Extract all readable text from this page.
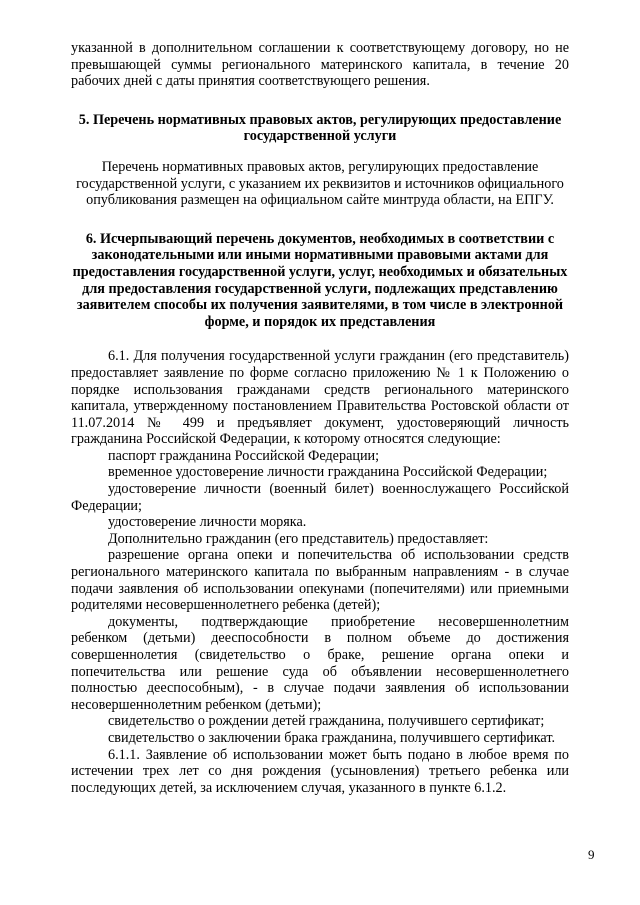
указанной в дополнительном соглашении к соответствующему договору, но не превышающей суммы регионального материнского капитала, в течение 20 рабочих дней с даты принятия соответствующего решения.

5. Перечень нормативных правовых актов, регулирующих предоставление государственной услуги

Перечень нормативных правовых актов, регулирующих предоставление государственной услуги, с указанием их реквизитов и источников официального опубликования размещен на официальном сайте минтруда области, на ЕПГУ.

6. Исчерпывающий перечень документов, необходимых в соответствии с законодательными или иными нормативными правовыми актами для предоставления государственной услуги, услуг, необходимых и обязательных для предоставления государственной услуги, подлежащих представлению заявителем способы их получения заявителями, в том числе в электронной форме, и порядок их представления

6.1. Для получения государственной услуги гражданин (его представитель) предоставляет заявление по форме согласно приложению № 1 к Положению о порядке использования гражданами средств регионального материнского капитала, утвержденному постановлением Правительства Ростовской области от 11.07.2014 № 499 и предъявляет документ, удостоверяющий личность гражданина Российской Федерации, к которому относятся следующие:

паспорт гражданина Российской Федерации;

временное удостоверение личности гражданина Российской Федерации;

удостоверение личности (военный билет) военнослужащего Российской Федерации;

удостоверение личности моряка.

Дополнительно гражданин (его представитель) предоставляет:

разрешение органа опеки и попечительства об использовании средств регионального материнского капитала по выбранным направлениям - в случае подачи заявления об использовании опекунами (попечителями) или приемными родителями несовершеннолетнего ребенка (детей);

документы, подтверждающие приобретение несовершеннолетним ребенком (детьми) дееспособности в полном объеме до достижения совершеннолетия (свидетельство о браке, решение органа опеки и попечительства или решение суда об объявлении несовершеннолетнего полностью дееспособным), - в случае подачи заявления об использовании несовершеннолетним ребенком (детьми);

свидетельство о рождении детей гражданина, получившего сертификат;

свидетельство о заключении брака гражданина, получившего сертификат.

6.1.1. Заявление об использовании может быть подано в любое время по истечении трех лет со дня рождения (усыновления) третьего ребенка или последующих детей, за исключением случая, указанного в пункте 6.1.2.

9
